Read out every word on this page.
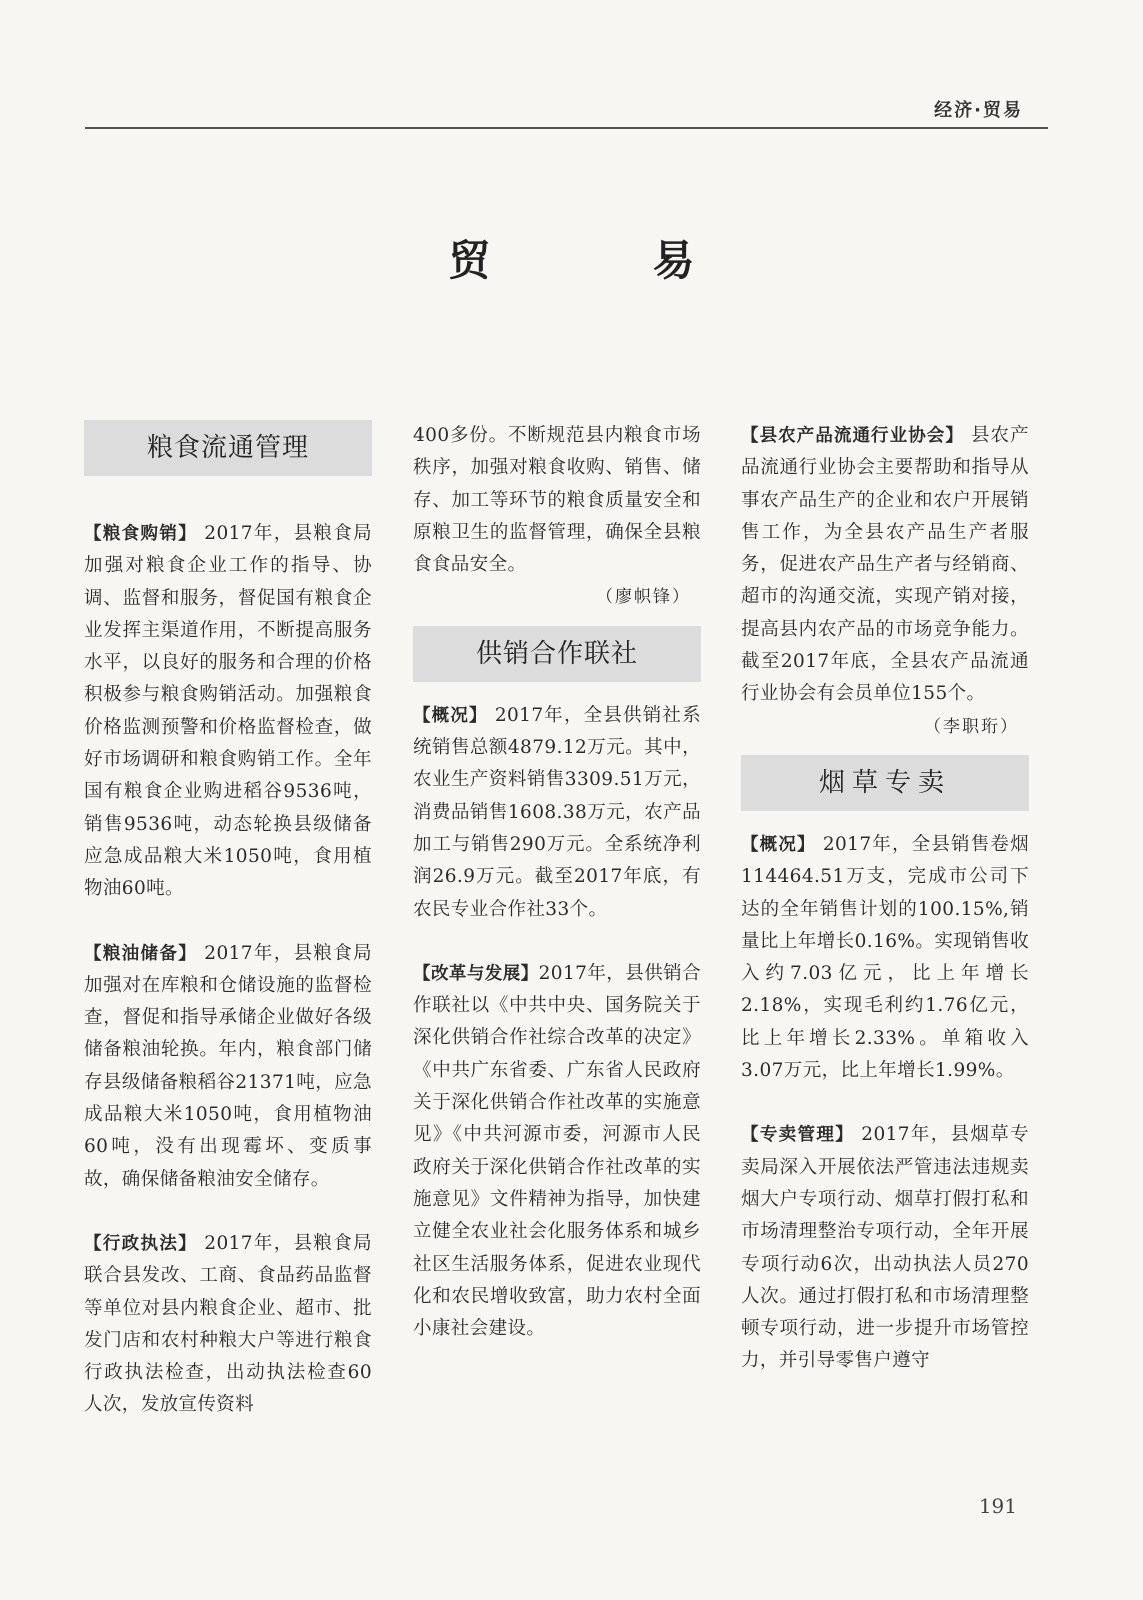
经济·贸易
贸　易
粮食流通管理

【粮食购销】 2017年，县粮食局加强对粮食企业工作的指导、协调、监督和服务，督促国有粮食企业发挥主渠道作用，不断提高服务水平，以良好的服务和合理的价格积极参与粮食购销活动。加强粮食价格监测预警和价格监督检查，做好市场调研和粮食购销工作。全年国有粮食企业购进稻谷9536吨，销售9536吨，动态轮换县级储备应急成品粮大米1050吨，食用植物油60吨。

【粮油储备】 2017年，县粮食局加强对在库粮和仓储设施的监督检查，督促和指导承储企业做好各级储备粮油轮换。年内，粮食部门储存县级储备粮稻谷21371吨，应急成品粮大米1050吨，食用植物油60吨，没有出现霉坏、变质事故，确保储备粮油安全储存。

【行政执法】 2017年，县粮食局联合县发改、工商、食品药品监督等单位对县内粮食企业、超市、批发门店和农村种粮大户等进行粮食行政执法检查，出动执法检查60人次，发放宣传资料

400多份。不断规范县内粮食市场秩序，加强对粮食收购、销售、储存、加工等环节的粮食质量安全和原粮卫生的监督管理，确保全县粮食食品安全。

（廖帜锋）

供销合作联社

【概况】 2017年，全县供销社系统销售总额4879.12万元。其中，农业生产资料销售3309.51万元，消费品销售1608.38万元，农产品加工与销售290万元。全系统净利润26.9万元。截至2017年底，有农民专业合作社33个。

【改革与发展】2017年，县供销合作联社以《中共中央、国务院关于深化供销合作社综合改革的决定》《中共广东省委、广东省人民政府关于深化供销合作社改革的实施意见》《中共河源市委，河源市人民政府关于深化供销合作社改革的实施意见》文件精神为指导，加快建立健全农业社会化服务体系和城乡社区生活服务体系，促进农业现代化和农民增收致富，助力农村全面小康社会建设。

【县农产品流通行业协会】 县农产品流通行业协会主要帮助和指导从事农产品生产的企业和农户开展销售工作，为全县农产品生产者服务，促进农产品生产者与经销商、超市的沟通交流，实现产销对接，提高县内农产品的市场竞争能力。截至2017年底，全县农产品流通行业协会有会员单位155个。

（李职珩）

烟草专卖

【概况】 2017年，全县销售卷烟114464.51万支，完成市公司下达的全年销售计划的100.15%,销量比上年增长0.16%。实现销售收入约7.03亿元，比上年增长2.18%，实现毛利约1.76亿元，比上年增长2.33%。单箱收入3.07万元，比上年增长1.99%。

【专卖管理】 2017年，县烟草专卖局深入开展依法严管违法违规卖烟大户专项行动、烟草打假打私和市场清理整治专项行动，全年开展专项行动6次，出动执法人员270人次。通过打假打私和市场清理整顿专项行动，进一步提升市场管控力，并引导零售户遵守

191
